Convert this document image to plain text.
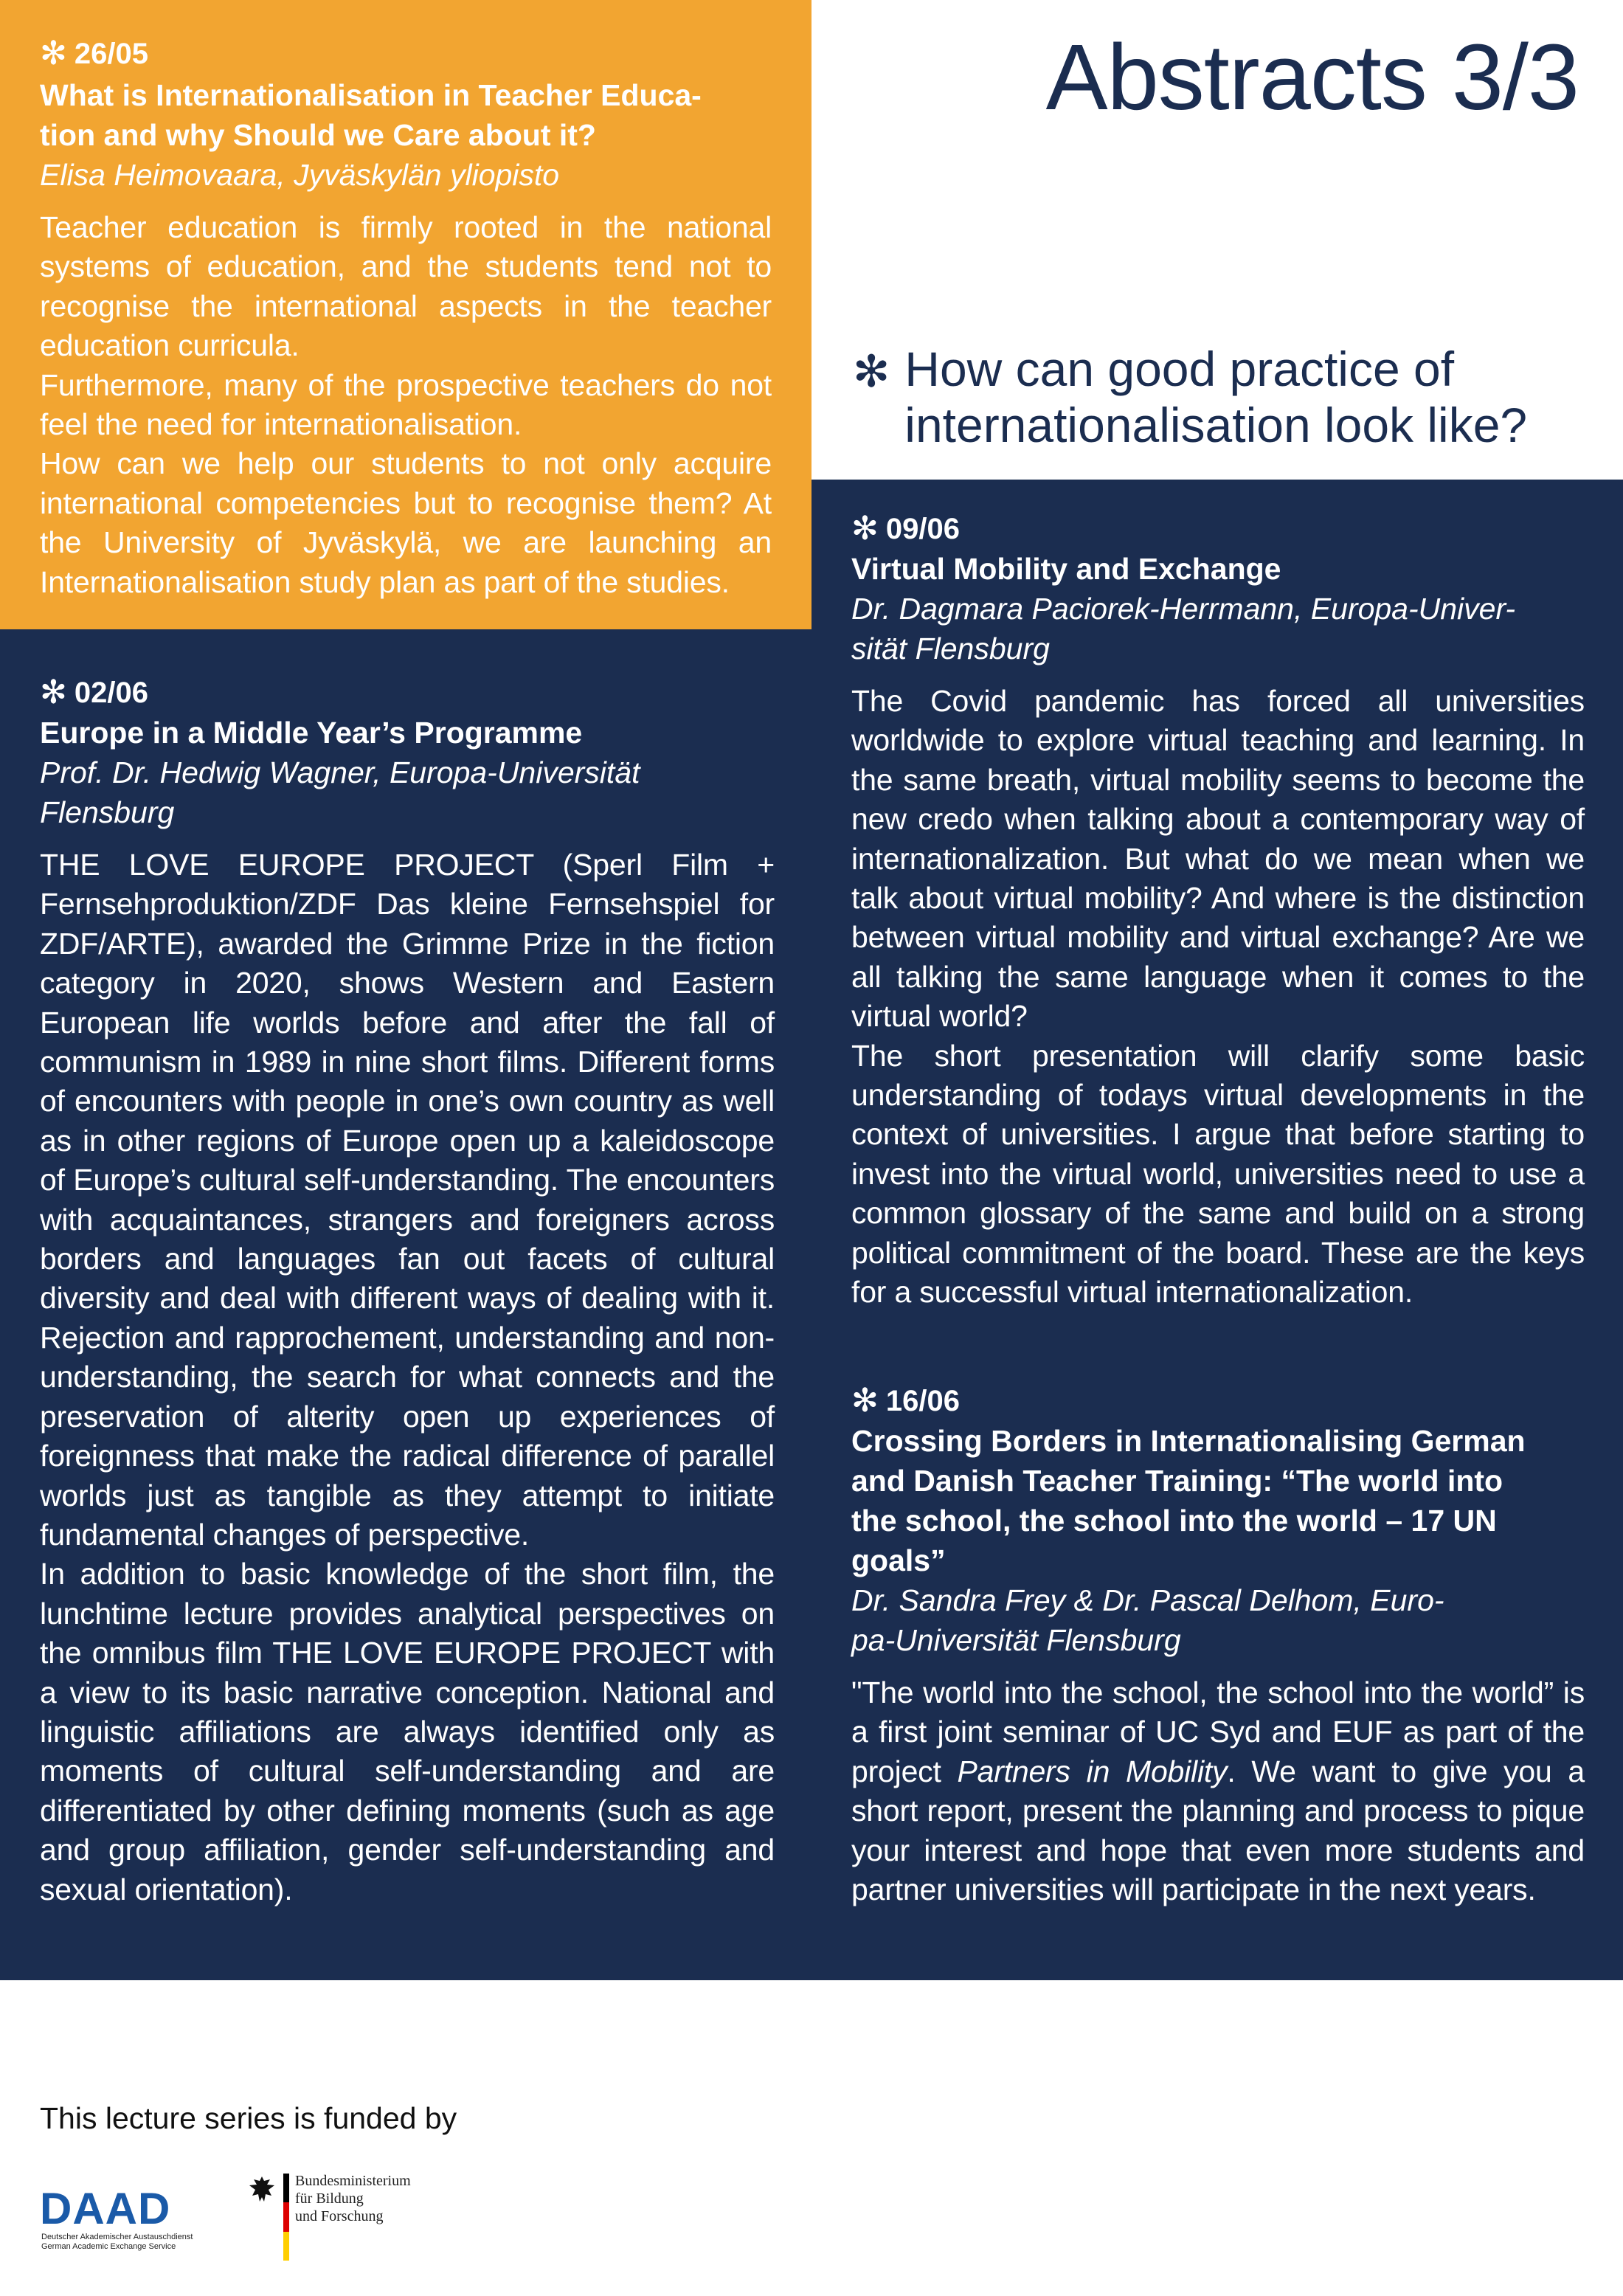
Abstracts 3/3
✻ How can good practice of internationalisation look like?
✻ 26/05

What is Internationalisation in Teacher Educa-
tion and why Should we Care about it?

Elisa Heimovaara, Jyväskylän yliopisto

Teacher education is firmly rooted in the national systems of education, and the students tend not to recognise the international aspects in the teacher education curricula.

Furthermore, many of the prospective teachers do not feel the need for internationalisation.

How can we help our students to not only acquire international competencies but to recognise them? At the University of Jyväskylä, we are launching an Internationalisation study plan as part of the studies.

✻ 02/06

Europe in a Middle Year’s Programme

Prof. Dr. Hedwig Wagner, Europa-Universität
Flensburg

THE LOVE EUROPE PROJECT (Sperl Film + Fernsehproduktion/ZDF Das kleine Fernsehspiel for ZDF/ARTE), awarded the Grimme Prize in the fiction category in 2020, shows Western and Eastern European life worlds before and after the fall of communism in 1989 in nine short films. Different forms of encounters with people in one’s own country as well as in other regions of Europe open up a kaleidoscope of Europe’s cultural self-understanding. The encounters with acquaintances, strangers and foreigners across borders and languages fan out facets of cultural diversity and deal with different ways of dealing with it. Rejection and rapprochement, understanding and non-understanding, the search for what connects and the preservation of alterity open up experiences of foreignness that make the radical difference of parallel worlds just as tangible as they attempt to initiate fundamental changes of perspective.

In addition to basic knowledge of the short film, the lunchtime lecture provides analytical perspectives on the omnibus film THE LOVE EUROPE PROJECT with a view to its basic narrative conception. National and linguistic affiliations are always identified only as moments of cultural self-understanding and are differentiated by other defining moments (such as age and group affiliation, gender self-understanding and sexual orientation).

✻ 09/06

Virtual Mobility and Exchange

Dr. Dagmara Paciorek-Herrmann, Europa-Univer-
sität Flensburg

The Covid pandemic has forced all universities worldwide to explore virtual teaching and learning. In the same breath, virtual mobility seems to become the new credo when talking about a contemporary way of internationalization. But what do we mean when we talk about virtual mobility? And where is the distinction between virtual mobility and virtual exchange? Are we all talking the same language when it comes to the virtual world?

The short presentation will clarify some basic understanding of todays virtual developments in the context of universities. I argue that before starting to invest into the virtual world, universities need to use a common glossary of the same and build on a strong political commitment of the board. These are the keys for a successful virtual internationalization.

✻ 16/06

Crossing Borders in Internationalising German
and Danish Teacher Training: “The world into
the school, the school into the world – 17 UN
goals”

Dr. Sandra Frey & Dr. Pascal Delhom, Euro-
pa-Universität Flensburg

"The world into the school, the school into the world” is a first joint seminar of UC Syd and EUF as part of the project Partners in Mobility. We want to give you a short report, present the planning and process to pique your interest and hope that even more students and partner universities will participate in the next years.

This lecture series is funded by
DAAD
Deutscher Akademischer Austauschdienst
German Academic Exchange Service
Bundesministerium
für Bildung
und Forschung
